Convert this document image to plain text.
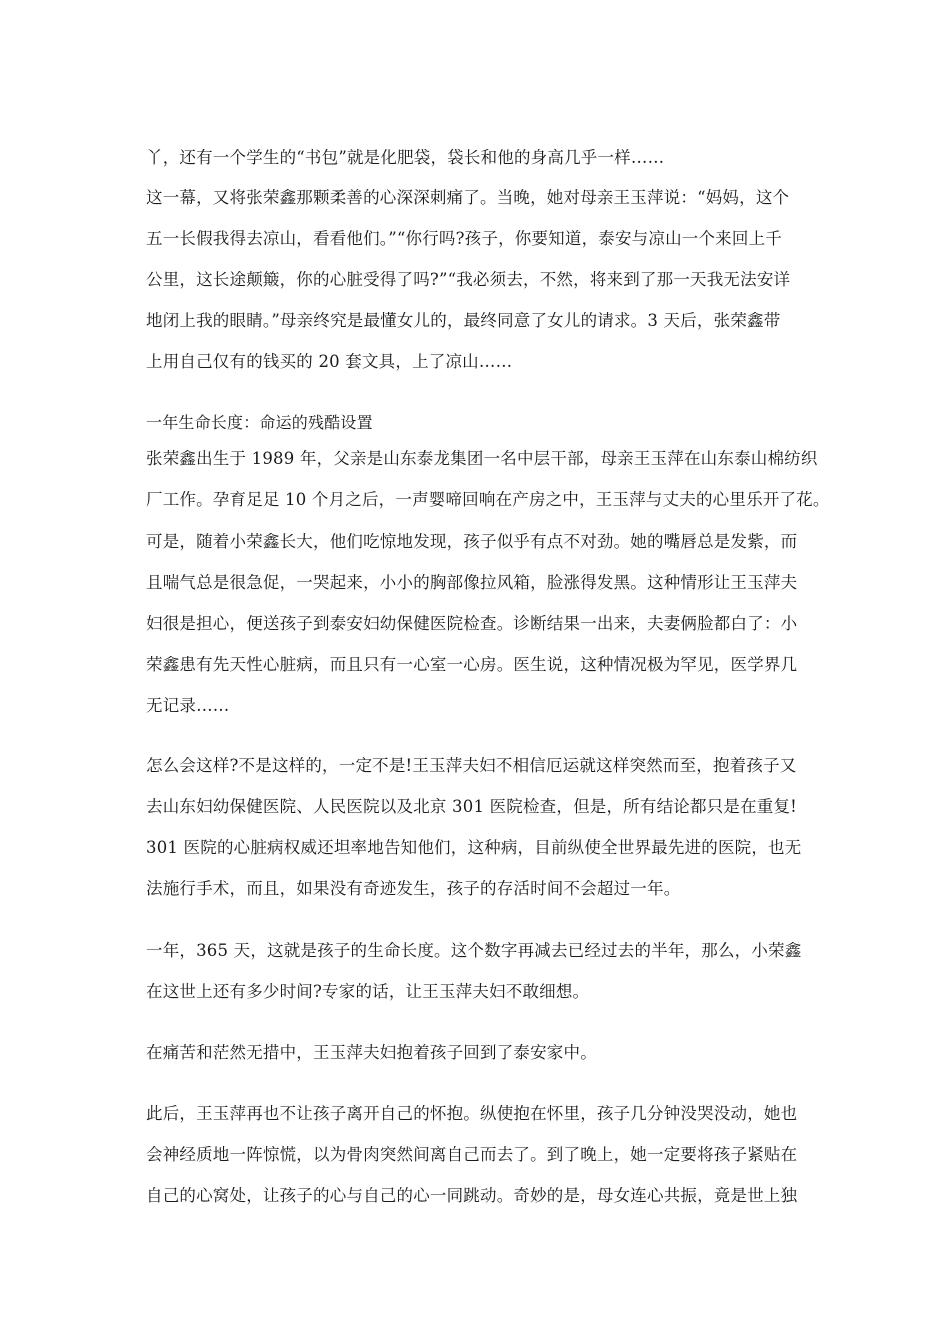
丫，还有一个学生的“书包”就是化肥袋，袋长和他的身高几乎一样……
这一幕，又将张荣鑫那颗柔善的心深深刺痛了。当晚，她对母亲王玉萍说：“妈妈，这个
五一长假我得去凉山，看看他们。”“你行吗?孩子，你要知道，泰安与凉山一个来回上千
公里，这长途颠簸，你的心脏受得了吗?”“我必须去，不然，将来到了那一天我无法安详
地闭上我的眼睛。”母亲终究是最懂女儿的，最终同意了女儿的请求。3 天后，张荣鑫带
上用自己仅有的钱买的 20 套文具，上了凉山……
一年生命长度：命运的残酷设置
张荣鑫出生于 1989 年，父亲是山东泰龙集团一名中层干部，母亲王玉萍在山东泰山棉纺织
厂工作。孕育足足 10 个月之后，一声婴啼回响在产房之中，王玉萍与丈夫的心里乐开了花。
可是，随着小荣鑫长大，他们吃惊地发现，孩子似乎有点不对劲。她的嘴唇总是发紫，而
且喘气总是很急促，一哭起来，小小的胸部像拉风箱，脸涨得发黑。这种情形让王玉萍夫
妇很是担心，便送孩子到泰安妇幼保健医院检查。诊断结果一出来，夫妻俩脸都白了：小
荣鑫患有先天性心脏病，而且只有一心室一心房。医生说，这种情况极为罕见，医学界几
无记录……
怎么会这样?不是这样的，一定不是!王玉萍夫妇不相信厄运就这样突然而至，抱着孩子又
去山东妇幼保健医院、人民医院以及北京 301 医院检查，但是，所有结论都只是在重复!
301 医院的心脏病权威还坦率地告知他们，这种病，目前纵使全世界最先进的医院，也无
法施行手术，而且，如果没有奇迹发生，孩子的存活时间不会超过一年。
一年，365 天，这就是孩子的生命长度。这个数字再减去已经过去的半年，那么，小荣鑫
在这世上还有多少时间?专家的话，让王玉萍夫妇不敢细想。
在痛苦和茫然无措中，王玉萍夫妇抱着孩子回到了泰安家中。
此后，王玉萍再也不让孩子离开自己的怀抱。纵使抱在怀里，孩子几分钟没哭没动，她也
会神经质地一阵惊慌，以为骨肉突然间离自己而去了。到了晚上，她一定要将孩子紧贴在
自己的心窝处，让孩子的心与自己的心一同跳动。奇妙的是，母女连心共振，竟是世上独
